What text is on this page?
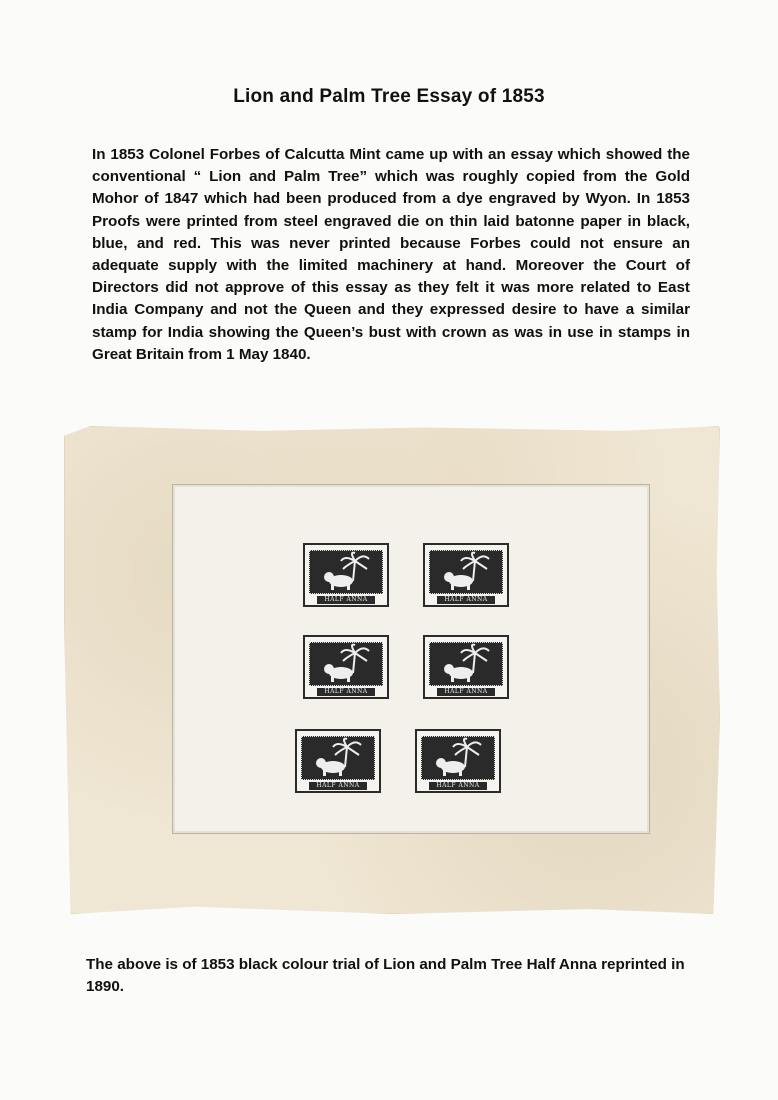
Lion and Palm Tree Essay of 1853

In 1853 Colonel Forbes of Calcutta Mint came up with an essay which showed the conventional “ Lion and Palm Tree” which was roughly copied from the Gold Mohor of 1847 which had been produced from a dye engraved by Wyon. In 1853 Proofs were printed from steel engraved die on thin laid batonne paper in black, blue, and red. This was never printed because Forbes could not ensure an adequate supply with the limited machinery at hand. Moreover the Court of Directors did not approve of this essay as they felt it was more related to East India Company and not the Queen and they expressed desire to have a similar stamp for India showing the Queen’s bust with crown as was in use in stamps in Great Britain from 1 May 1840.

HALF ANNA	HALF ANNA
HALF ANNA	HALF ANNA
HALF ANNA	HALF ANNA

The above is of 1853 black colour trial of Lion and Palm Tree Half Anna reprinted in 1890.
